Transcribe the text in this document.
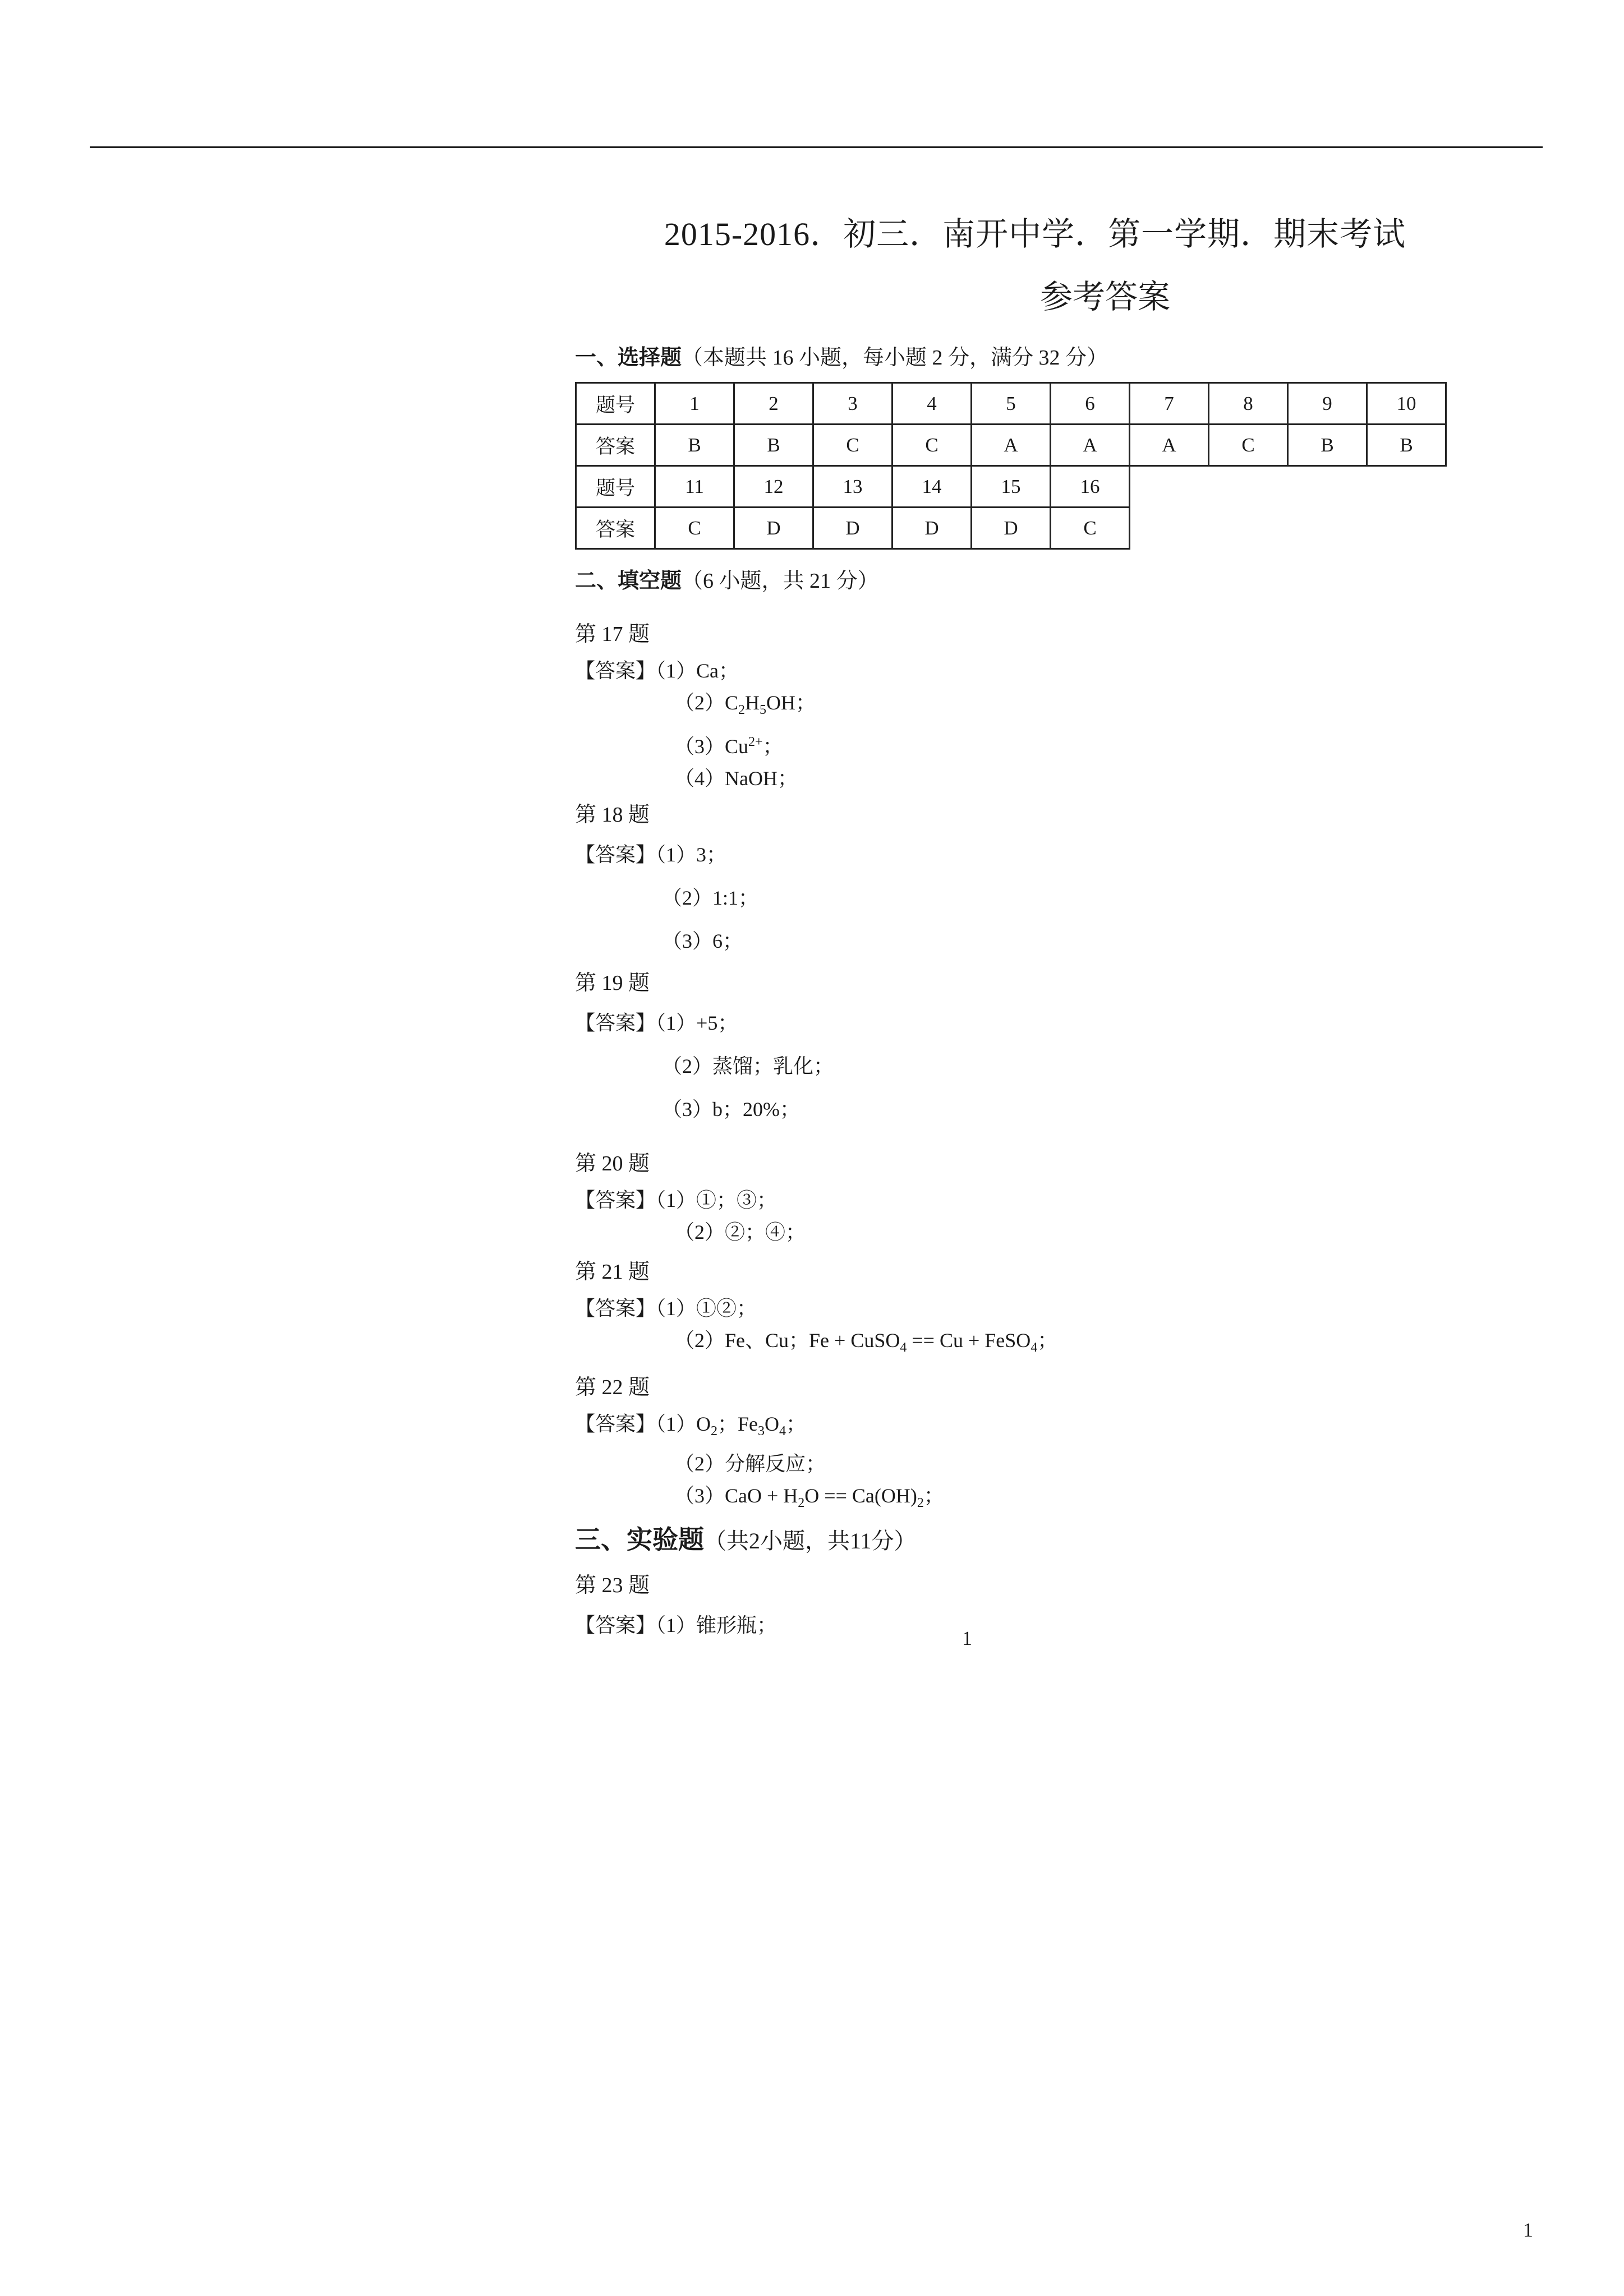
2015-2016．初三．南开中学．第一学期．期末考试
参考答案
一、选择题（本题共 16 小题，每小题 2 分，满分 32 分）
题号	1	2	3	4	5	6	7	8	9	10
答案	B	B	C	C	A	A	A	C	B	B
题号	11	12	13	14	15	16				
答案	C	D	D	D	D	C				
二、填空题（6 小题，共 21 分）
第 17 题
【答案】（1）Ca；
$(2)C_2H_5OH$；
$(3)Cu^{2+}$；
（4）NaOH；
第 18 题
【答案】（1）3；
（2）1:1；
（3）6；
第 19 题
【答案】（1）+5；
（2）蒸馏；乳化；
（3）b；20%；
第 20 题
【答案】（1）①；③；
（2）②；④；
第 21 题
【答案】（1）①②；
（2）Fe、Cu；Fe + CuSO$_4$ == Cu + FeSO$_4$；
第 22 题
【答案】$(1)O_2$；$Fe_3O_4$；
（2）分解反应；
$(3)CaO + H_2O == Ca(OH)_2$；
三、实验题（共2小题，共11分）
第 23 题
【答案】（1）锥形瓶；
1
1
